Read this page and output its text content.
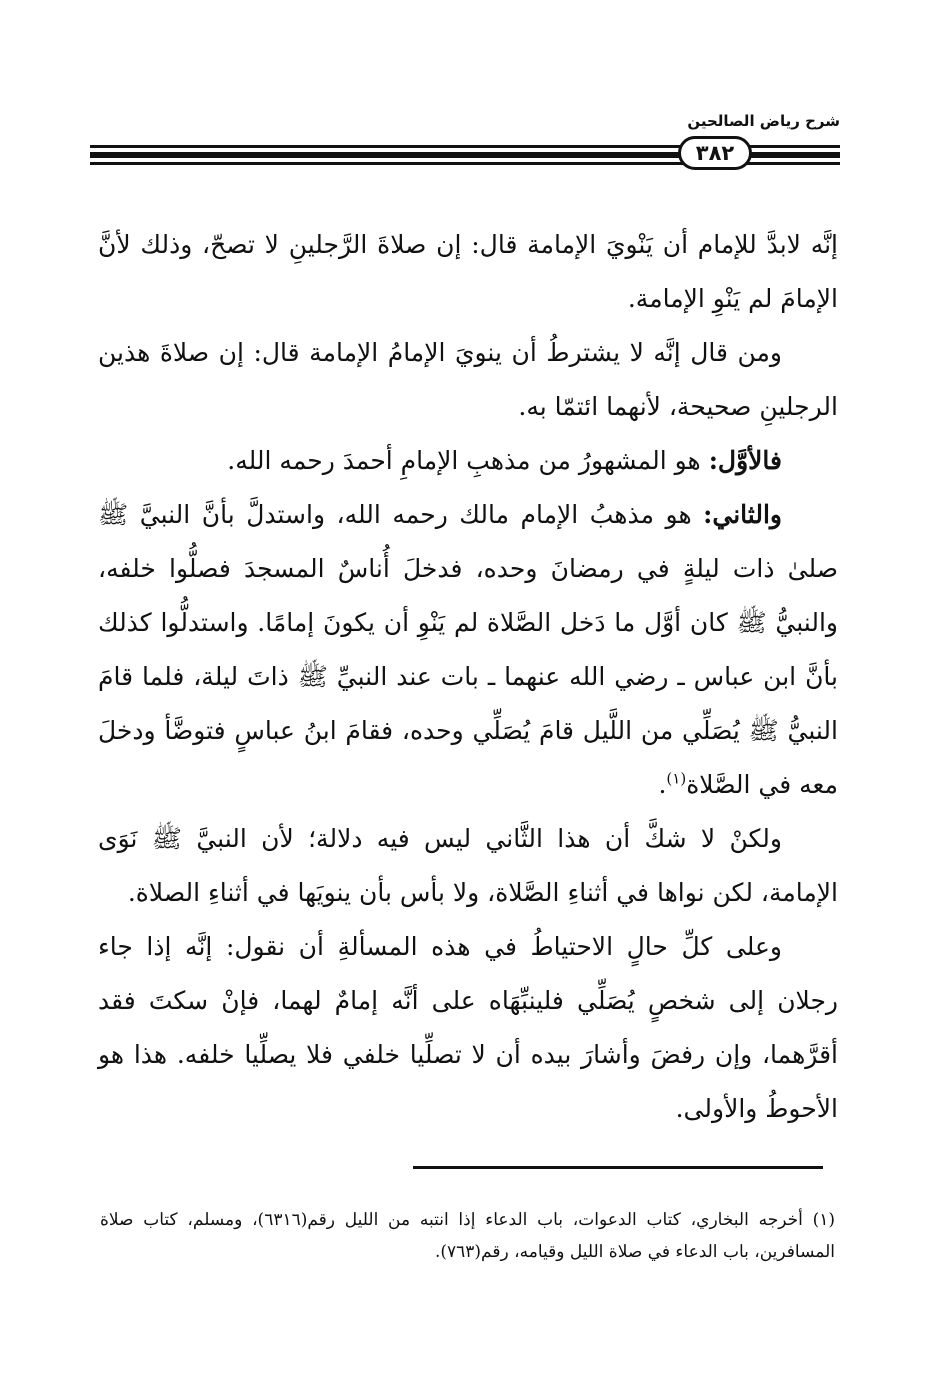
شرح رياض الصالحين
٣٨٢

إنَّه لابدَّ للإمام أن يَنْويَ الإمامة قال: إن صلاةَ الرَّجلينِ لا تصحّ، وذلك لأنَّ الإمامَ لم يَنْوِ الإمامة.

ومن قال إنَّه لا يشترطُ أن ينويَ الإمامُ الإمامة قال: إن صلاةَ هذين الرجلينِ صحيحة، لأنهما ائتمّا به.

فالأوَّل: هو المشهورُ من مذهبِ الإمامِ أحمدَ رحمه الله.

والثاني: هو مذهبُ الإمام مالك رحمه الله، واستدلَّ بأنَّ النبيَّ ﷺ صلىٰ ذات ليلةٍ في رمضانَ وحده، فدخلَ أُناسٌ المسجدَ فصلُّوا خلفه، والنبيُّ ﷺ كان أوَّل ما دَخل الصَّلاة لم يَنْوِ أن يكونَ إمامًا. واستدلُّوا كذلك بأنَّ ابن عباس ـ رضي الله عنهما ـ بات عند النبيِّ ﷺ ذاتَ ليلة، فلما قامَ النبيُّ ﷺ يُصَلِّي من اللَّيل قامَ يُصَلِّي وحده، فقامَ ابنُ عباسٍ فتوضَّأ ودخلَ معه في الصَّلاة$^{(١)}$.

ولكنْ لا شكَّ أن هذا الثَّاني ليس فيه دلالة؛ لأن النبيَّ ﷺ نَوَى الإمامة، لكن نواها في أثناءِ الصَّلاة، ولا بأس بأن ينويَها في أثناءِ الصلاة.

وعلى كلِّ حالٍ الاحتياطُ في هذه المسألةِ أن نقول: إنَّه إذا جاء رجلان إلى شخصٍ يُصَلِّي فلينبِّهَاه على أنَّه إمامٌ لهما، فإنْ سكتَ فقد أقرَّهما، وإن رفضَ وأشارَ بيده أن لا تصلِّيا خلفي فلا يصلِّيا خلفه. هذا هو الأحوطُ والأولى.

(١) أخرجه البخاري، كتاب الدعوات، باب الدعاء إذا انتبه من الليل رقم(٦٣١٦)، ومسلم، كتاب صلاة المسافرين، باب الدعاء في صلاة الليل وقيامه، رقم(٧٦٣).
